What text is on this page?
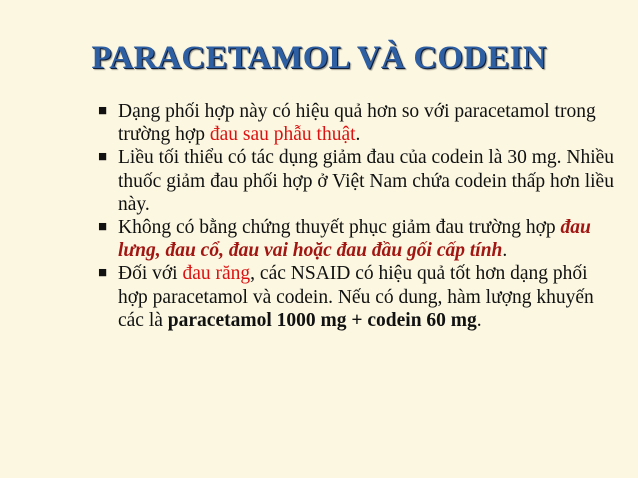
PARACETAMOL VÀ CODEIN
■ Dạng phối hợp này có hiệu quả hơn so với paracetamol trong trường hợp đau sau phẫu thuật.
■ Liều tối thiểu có tác dụng giảm đau của codein là 30 mg. Nhiều thuốc giảm đau phối hợp ở Việt Nam chứa codein thấp hơn liều này.
■ Không có bằng chứng thuyết phục giảm đau trường hợp đau lưng, đau cổ, đau vai hoặc đau đầu gối cấp tính.
■ Đối với đau răng, các NSAID có hiệu quả tốt hơn dạng phối hợp paracetamol và codein. Nếu có dung, hàm lượng khuyến các là paracetamol 1000 mg + codein 60 mg.
